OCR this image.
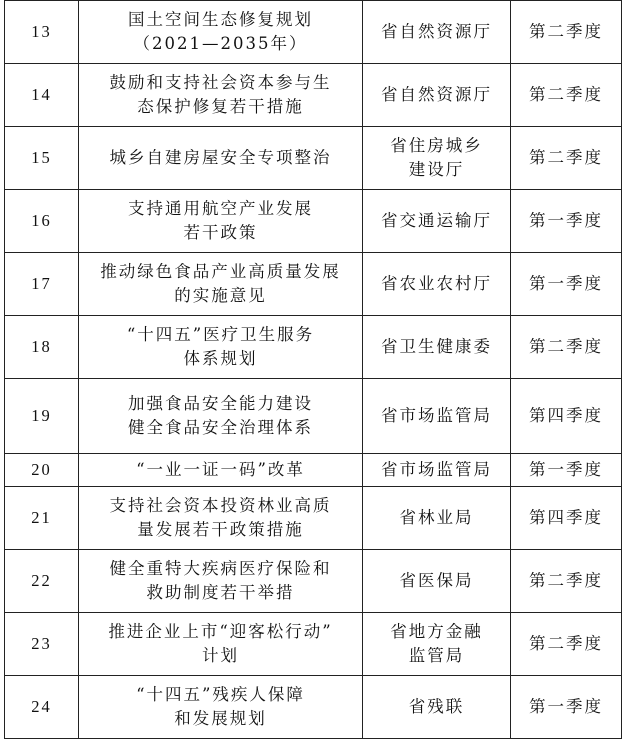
13	国土空间生态修复规划
（2021—2035年）	省自然资源厅	第二季度
14	鼓励和支持社会资本参与生
态保护修复若干措施	省自然资源厅	第二季度
15	城乡自建房屋安全专项整治	省住房城乡
建设厅	第二季度
16	支持通用航空产业发展
若干政策	省交通运输厅	第一季度
17	推动绿色食品产业高质量发展
的实施意见	省农业农村厅	第一季度
18	“十四五”医疗卫生服务
体系规划	省卫生健康委	第二季度
19	加强食品安全能力建设
健全食品安全治理体系	省市场监管局	第四季度
20	“一业一证一码”改革	省市场监管局	第一季度
21	支持社会资本投资林业高质
量发展若干政策措施	省林业局	第四季度
22	健全重特大疾病医疗保险和
救助制度若干举措	省医保局	第二季度
23	推进企业上市“迎客松行动”
计划	省地方金融
监管局	第二季度
24	“十四五”残疾人保障
和发展规划	省残联	第一季度
